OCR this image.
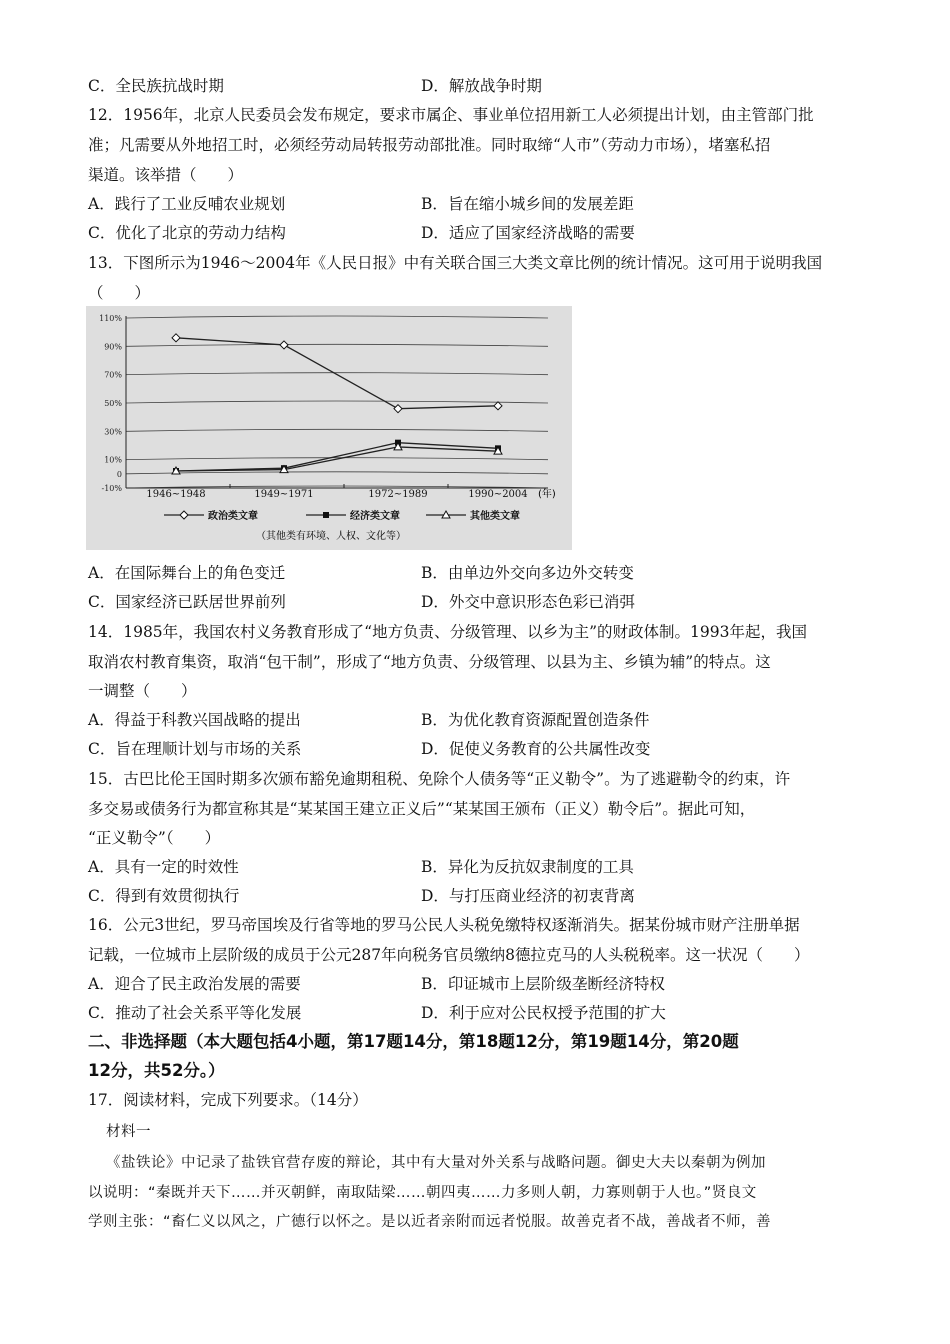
C．全民族抗战时期	D．解放战争时期
12．1956年，北京人民委员会发布规定，要求市属企、事业单位招用新工人必须提出计划，由主管部门批
准；凡需要从外地招工时，必须经劳动局转报劳动部批准。同时取缔“人市”（劳动力市场），堵塞私招
渠道。该举措（　　）
A．践行了工业反哺农业规划	B．旨在缩小城乡间的发展差距
C．优化了北京的劳动力结构	D．适应了国家经济战略的需要
13．下图所示为1946～2004年《人民日报》中有关联合国三大类文章比例的统计情况。这可用于说明我国
（　　）
A．在国际舞台上的角色变迁	B．由单边外交向多边外交转变
C．国家经济已跃居世界前列	D．外交中意识形态色彩已消弭
14．1985年，我国农村义务教育形成了“地方负责、分级管理、以乡为主”的财政体制。1993年起，我国
取消农村教育集资，取消“包干制”，形成了“地方负责、分级管理、以县为主、乡镇为辅”的特点。这
一调整（　　）
A．得益于科教兴国战略的提出	B．为优化教育资源配置创造条件
C．旨在理顺计划与市场的关系	D．促使义务教育的公共属性改变
15．古巴比伦王国时期多次颁布豁免逾期租税、免除个人债务等“正义勒令”。为了逃避勒令的约束，许
多交易或债务行为都宣称其是“某某国王建立正义后”“某某国王颁布（正义）勒令后”。据此可知，
“正义勒令”（　　）
A．具有一定的时效性	B．异化为反抗奴隶制度的工具
C．得到有效贯彻执行	D．与打压商业经济的初衷背离
16．公元3世纪，罗马帝国埃及行省等地的罗马公民人头税免缴特权逐渐消失。据某份城市财产注册单据
记载，一位城市上层阶级的成员于公元287年向税务官员缴纳8德拉克马的人头税税率。这一状况（　　）
A．迎合了民主政治发展的需要	B．印证城市上层阶级垄断经济特权
C．推动了社会关系平等化发展	D．利于应对公民权授予范围的扩大
二、非选择题（本大题包括4小题，第17题14分，第18题12分，第19题14分，第20题
12分，共52分。）
17．阅读材料，完成下列要求。（14分）
材料一
《盐铁论》中记录了盐铁官营存废的辩论，其中有大量对外关系与战略问题。御史大夫以秦朝为例加
以说明：“秦既并天下……并灭朝鲜，南取陆梁……朝四夷……力多则人朝，力寡则朝于人也。”贤良文
学则主张：“畜仁义以风之，广德行以怀之。是以近者亲附而远者悦服。故善克者不战，善战者不师，善
(年)
（其他类有环境、人权、文化等）
110%
90%
70%
50%
30%
10%
0
-10%
1946~1948	1949~1971	1972~1989	1990~2004
政治类文章	经济类文章	其他类文章
